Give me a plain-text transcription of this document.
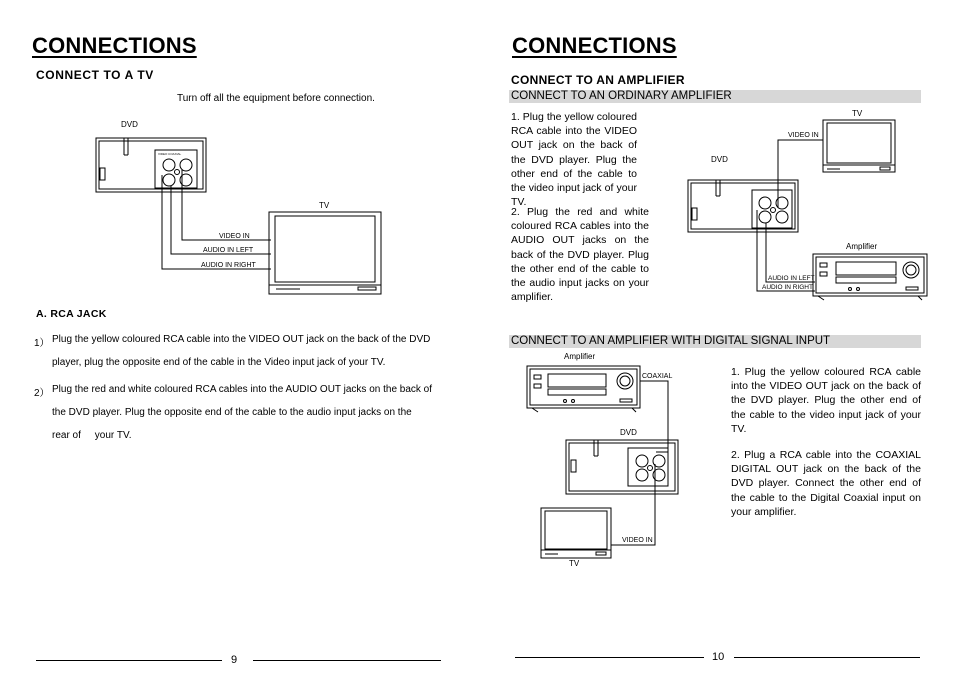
CONNECTIONS
CONNECT TO A TV
Turn off all the equipment before connection.
DVD
TV
VIDEO IN
AUDIO IN LEFT
AUDIO IN RIGHT
VIDEO COAXIAL
A. RCA JACK
1） Plug the yellow coloured RCA cable into the VIDEO OUT jack on the back of the DVD
player, plug the opposite end of the cable in the Video input jack of your TV.
2） Plug the red and white coloured RCA cables into the AUDIO OUT jacks on the back of
the DVD player. Plug the opposite end of the cable to the audio input jacks on the
rear of     your TV.
9
CONNECTIONS
CONNECT TO AN AMPLIFIER
CONNECT TO AN ORDINARY AMPLIFIER
1. Plug the yellow coloured RCA cable into the VIDEO OUT jack on the back of the DVD player. Plug the other end of the cable to the video input jack of your TV.
2. Plug the red and white coloured RCA cables into the AUDIO OUT jacks on the back of the DVD player. Plug the other end of the cable to the audio input jacks on your amplifier.
TV
DVD
Amplifier
VIDEO IN
AUDIO IN LEFT
AUDIO IN RIGHT
CONNECT TO AN AMPLIFIER WITH DIGITAL SIGNAL INPUT
Amplifier
DVD
TV
COAXIAL
VIDEO IN
1. Plug the yellow coloured RCA cable into the VIDEO OUT jack on the back of the DVD player. Plug the other end of the cable to the video input jack of your TV.
2. Plug a RCA cable into the COAXIAL DIGITAL OUT jack on the back of the DVD player. Connect the other end of the cable to the Digital Coaxial input on your amplifier.
10
